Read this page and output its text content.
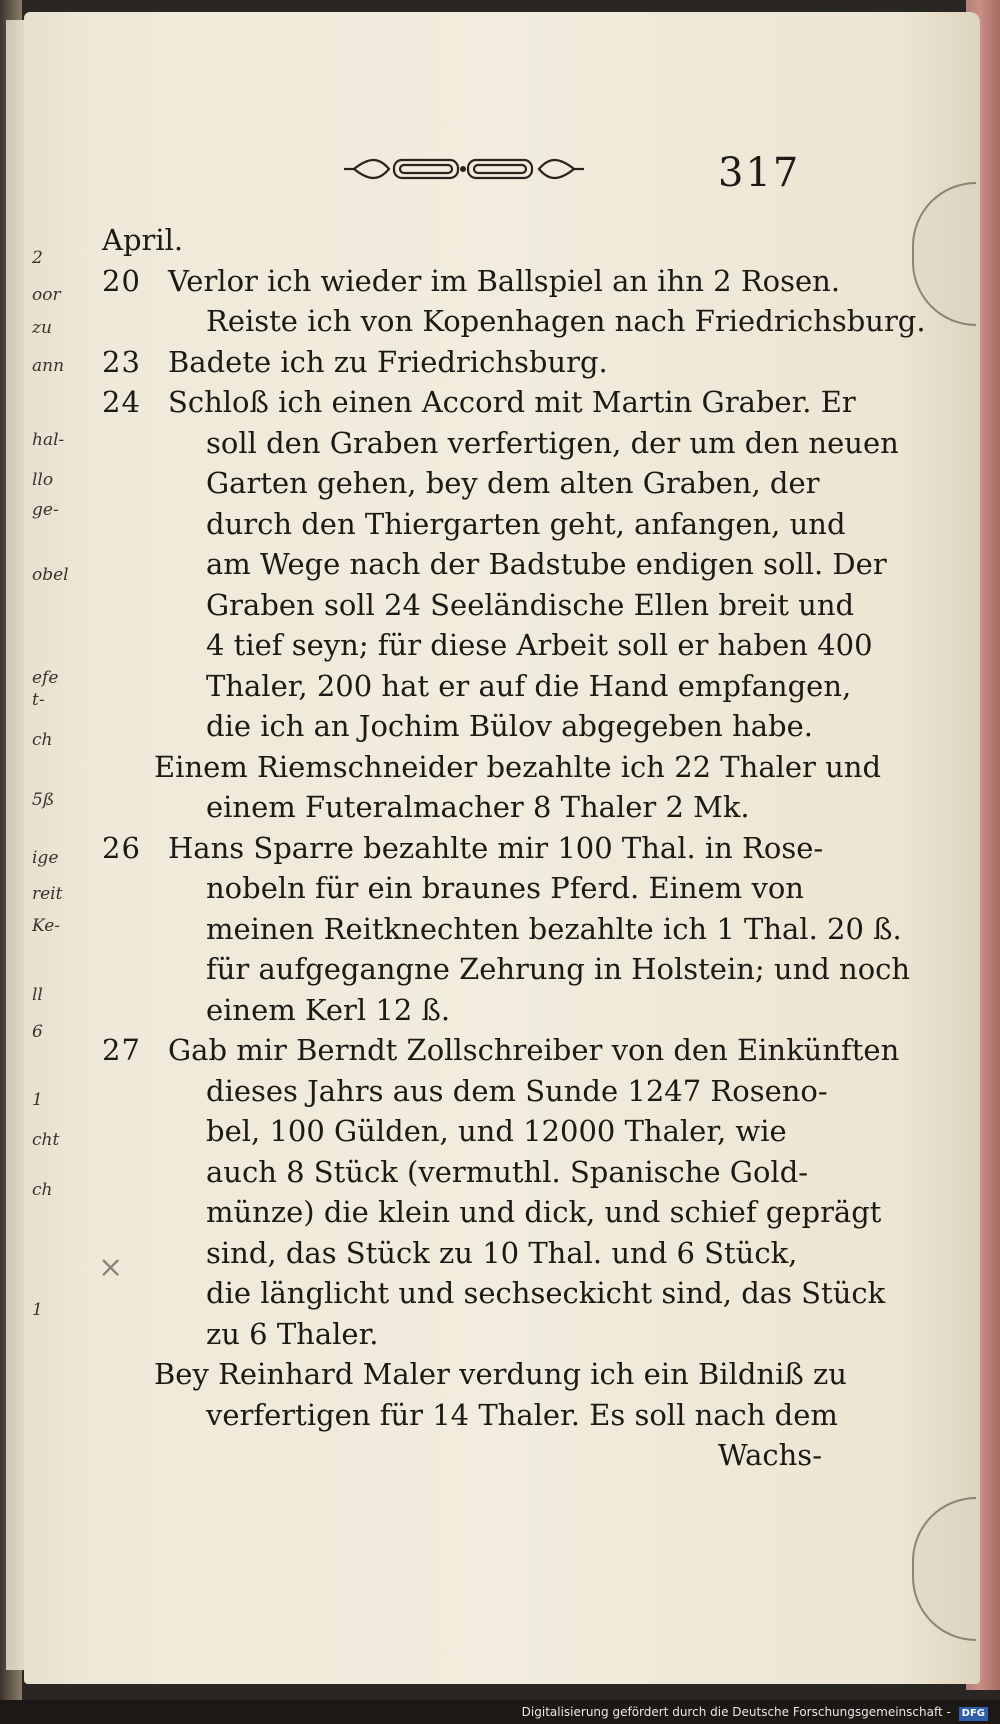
317
2
oor
zu
ann
hal-
llo
ge-
obel
efe
t-
ch
5ß
ige
reit
Ke-
ll
6
1
cht
ch
1
×
April.
20 Verlor ich wieder im Ballspiel an ihn 2 Rosen.
Reiste ich von Kopenhagen nach Friedrichsburg.
23 Badete ich zu Friedrichsburg.
24 Schloß ich einen Accord mit Martin Graber. Er
soll den Graben verfertigen, der um den neuen
Garten gehen, bey dem alten Graben, der
durch den Thiergarten geht, anfangen, und
am Wege nach der Badstube endigen soll. Der
Graben soll 24 Seeländische Ellen breit und
4 tief seyn; für diese Arbeit soll er haben 400
Thaler, 200 hat er auf die Hand empfangen,
die ich an Jochim Bülov abgegeben habe.
Einem Riemschneider bezahlte ich 22 Thaler und
einem Futeralmacher 8 Thaler 2 Mk.
26 Hans Sparre bezahlte mir 100 Thal. in Rose-
nobeln für ein braunes Pferd. Einem von
meinen Reitknechten bezahlte ich 1 Thal. 20 ß.
für aufgegangne Zehrung in Holstein; und noch
einem Kerl 12 ß.
27 Gab mir Berndt Zollschreiber von den Einkünften
dieses Jahrs aus dem Sunde 1247 Roseno-
bel, 100 Gülden, und 12000 Thaler, wie
auch 8 Stück (vermuthl. Spanische Gold-
münze) die klein und dick, und schief geprägt
sind, das Stück zu 10 Thal. und 6 Stück,
die länglicht und sechseckicht sind, das Stück
zu 6 Thaler.
Bey Reinhard Maler verdung ich ein Bildniß zu
verfertigen für 14 Thaler. Es soll nach dem
Wachs-
Digitalisierung gefördert durch die Deutsche Forschungsgemeinschaft - DFG
